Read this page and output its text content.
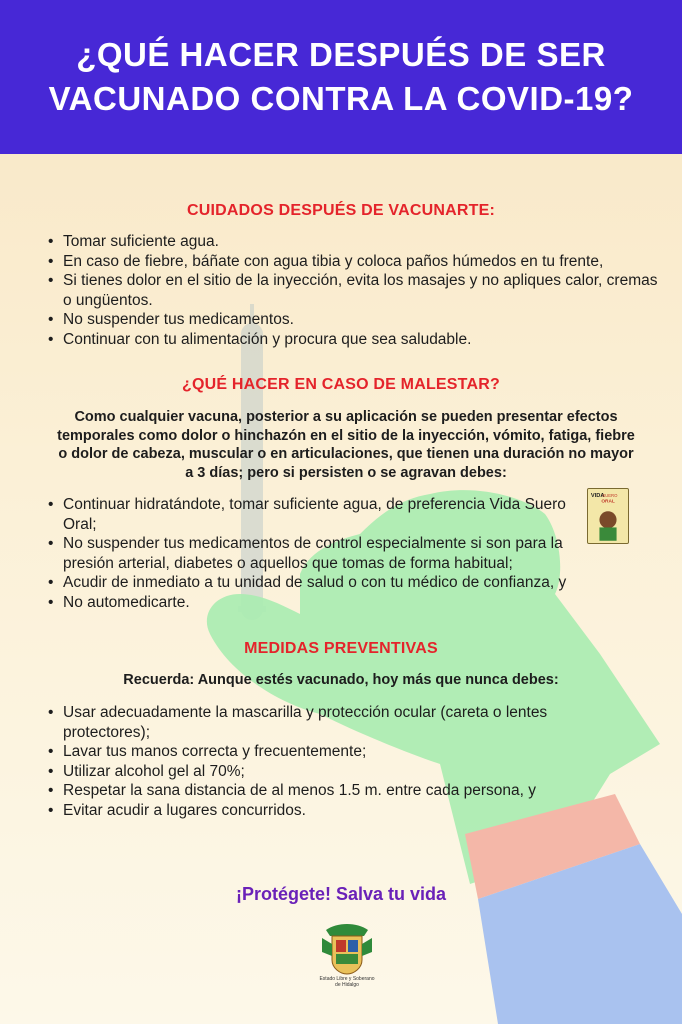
¿QUÉ HACER DESPUÉS DE SER
VACUNADO CONTRA LA COVID-19?
CUIDADOS DESPUÉS DE VACUNARTE:
• Tomar suficiente agua.
• En caso de fiebre, báñate con agua tibia y coloca paños húmedos en tu frente,
• Si tienes dolor en el sitio de la inyección, evita los masajes y no apliques calor, cremas o ungüentos.
• No suspender tus medicamentos.
• Continuar con tu alimentación y procura que sea saludable.
¿QUÉ HACER EN CASO DE MALESTAR?

Como cualquier vacuna, posterior a su aplicación se pueden presentar efectos temporales como dolor o hinchazón en el sitio de la inyección, vómito, fatiga, fiebre o dolor de cabeza, muscular o en articulaciones, que tienen una duración no mayor a 3 días; pero si persisten o se agravan debes:

• Continuar hidratándote, tomar suficiente agua, de preferencia Vida Suero Oral;
• No suspender tus medicamentos de control especialmente si son para la presión arterial, diabetes o aquellos que tomas de forma habitual;
• Acudir de inmediato a tu unidad de salud o con tu médico de confianza, y
• No automedicarte.
VIDA
SUERO
ORAL
MEDIDAS PREVENTIVAS

Recuerda: Aunque estés vacunado, hoy más que nunca debes:

• Usar adecuadamente la mascarilla y protección ocular (careta o lentes protectores);
• Lavar tus manos correcta y frecuentemente;
• Utilizar alcohol gel al 70%;
• Respetar la sana distancia de al menos 1.5 m. entre cada persona, y
• Evitar acudir a lugares concurridos.

¡Protégete! Salva tu vida

Estado Libre y Soberano
de Hidalgo
